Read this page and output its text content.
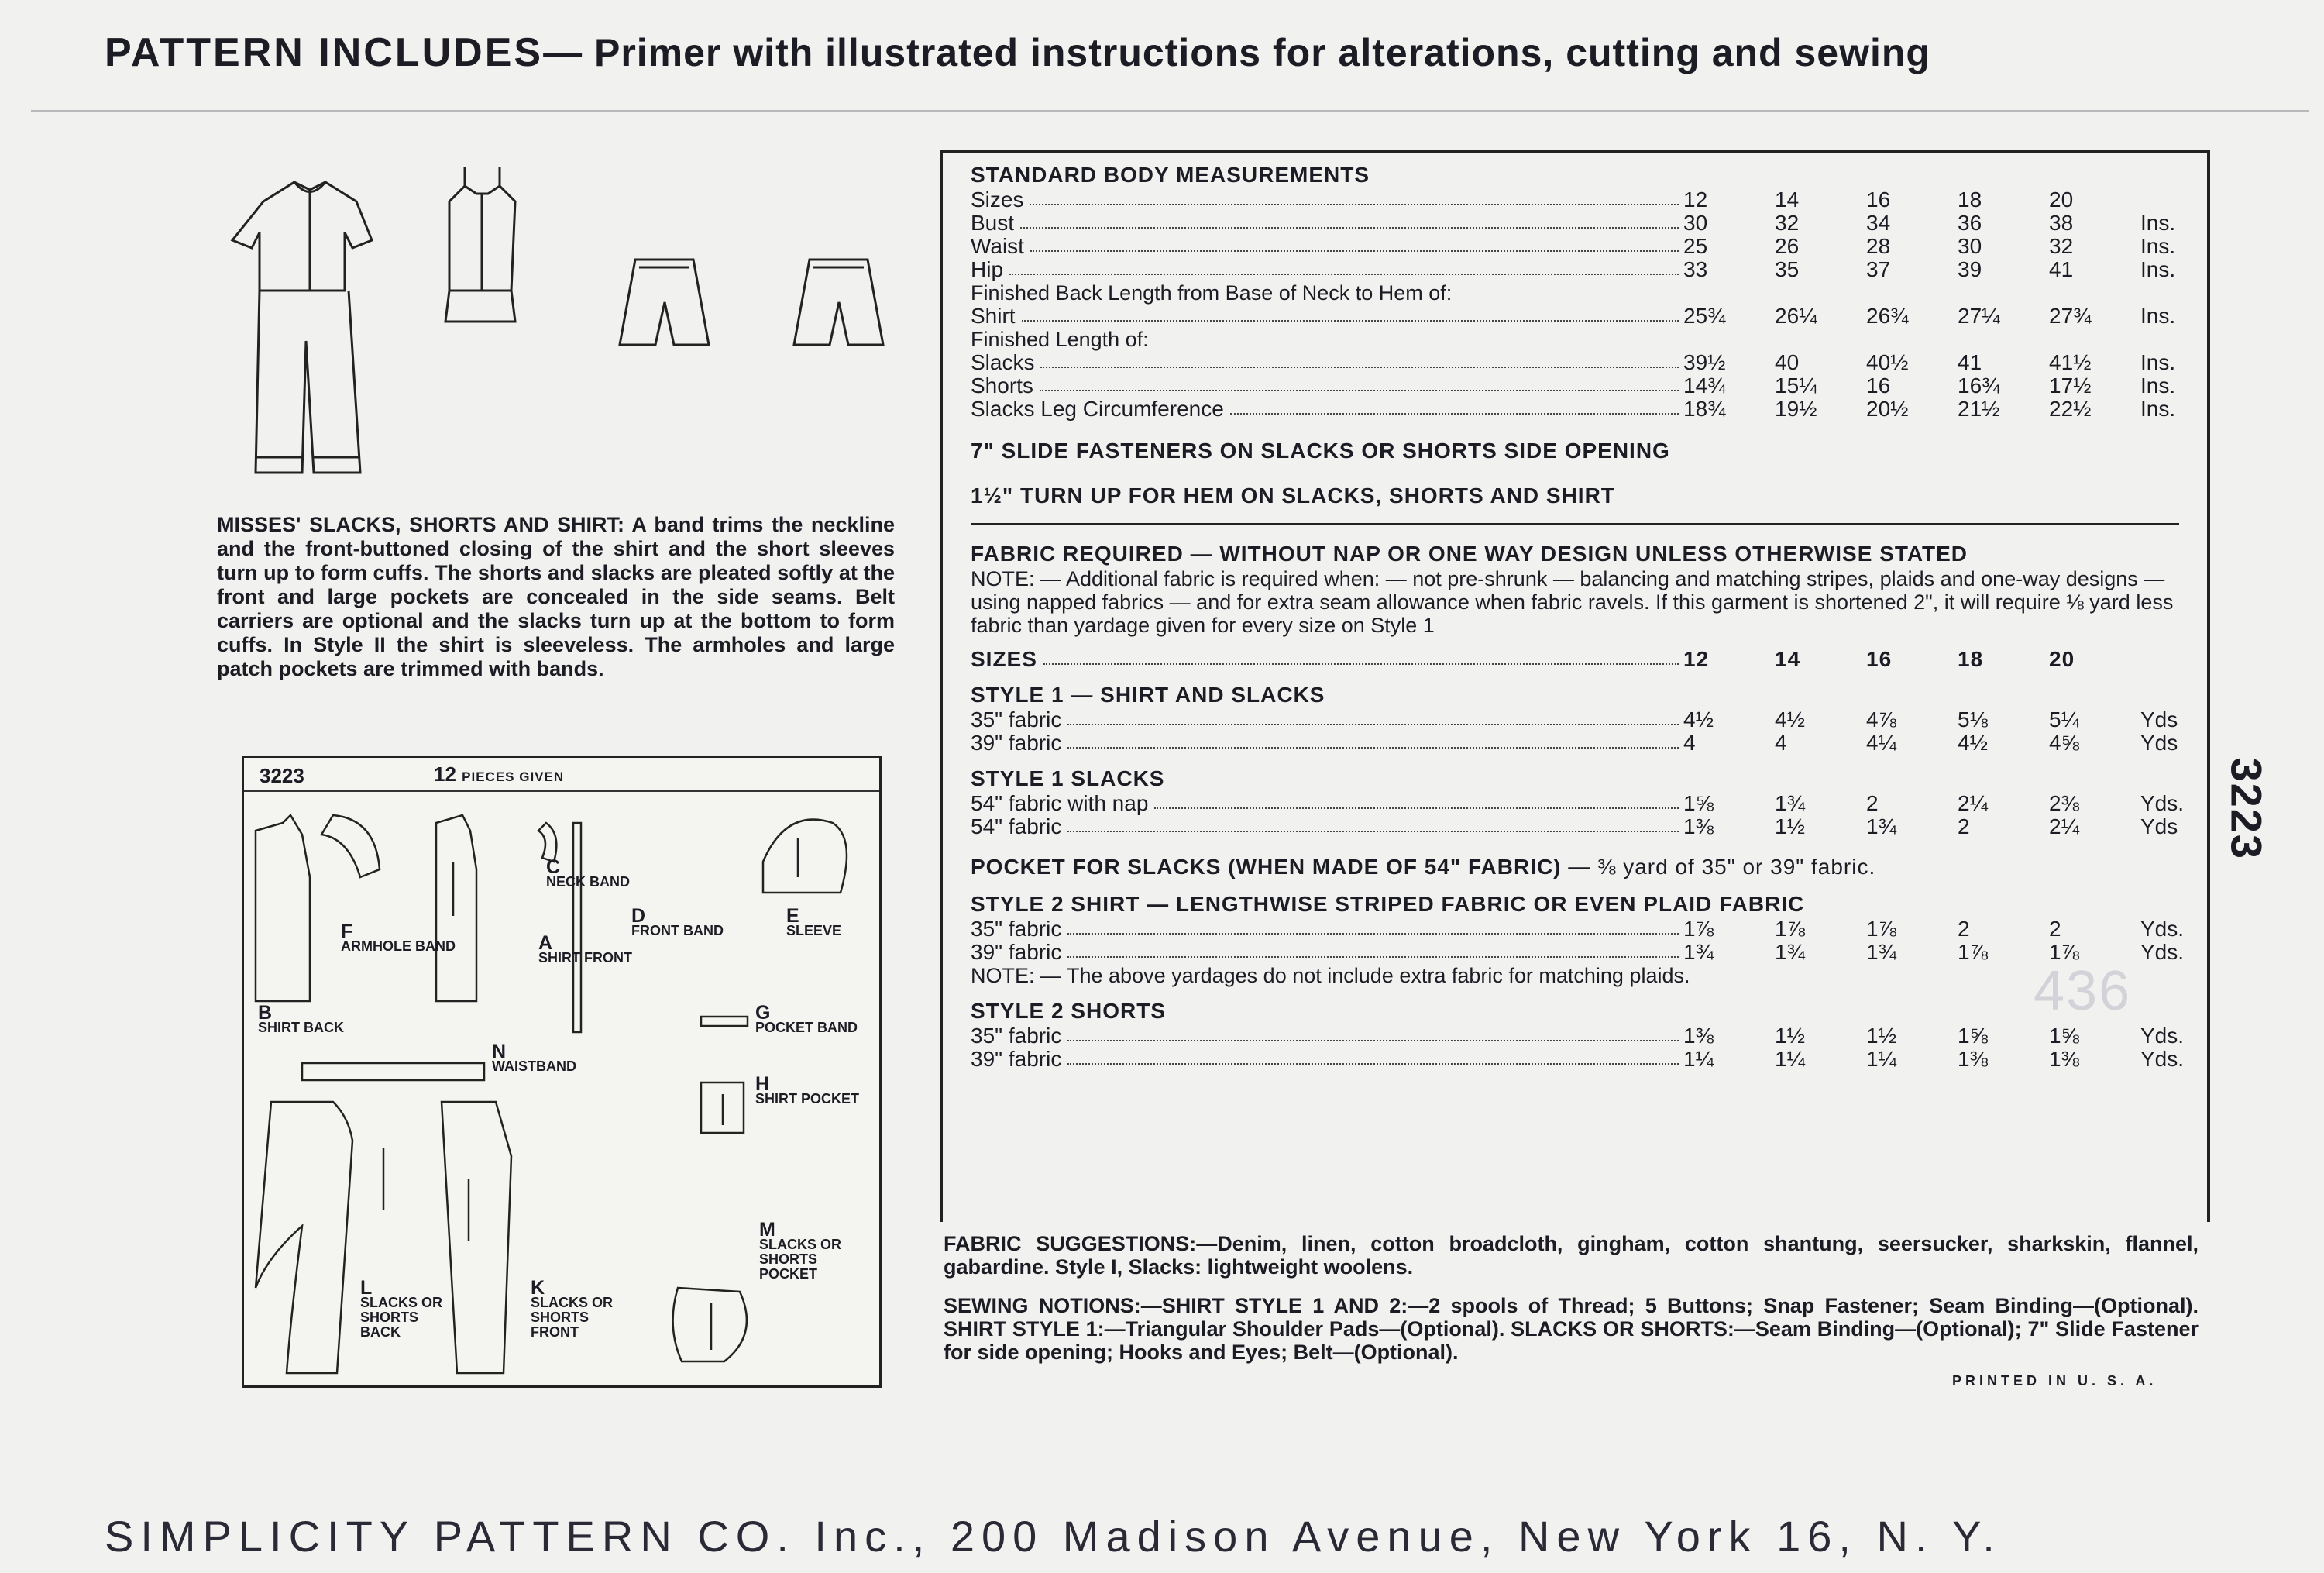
PATTERN INCLUDES— Primer with illustrated instructions for alterations, cutting and sewing
MISSES' SLACKS, SHORTS AND SHIRT: A band trims the neckline and the front-buttoned closing of the shirt and the short sleeves turn up to form cuffs. The shorts and slacks are pleated softly at the front and large pockets are concealed in the side seams. Belt carriers are optional and the slacks turn up at the bottom to form cuffs. In Style II the shirt is sleeveless. The armholes and large patch pockets are trimmed with bands.
3223	12 PIECES GIVEN
B
SHIRT BACK
F
ARMHOLE BAND
C
NECK BAND
A
SHIRT FRONT
D
FRONT BAND
E
SLEEVE
N
WAISTBAND
G
POCKET BAND
H
SHIRT POCKET
M
SLACKS OR SHORTS POCKET
L
SLACKS OR SHORTS BACK
K
SLACKS OR SHORTS FRONT
STANDARD BODY MEASUREMENTS
Sizes	12	14	16	18	20
Bust	30	32	34	36	38	Ins.
Waist	25	26	28	30	32	Ins.
Hip	33	35	37	39	41	Ins.
Finished Back Length from Base of Neck to Hem of:
Shirt	25¾	26¼	26¾	27¼	27¾	Ins.
Finished Length of:
Slacks	39½	40	40½	41	41½	Ins.
Shorts	14¾	15¼	16	16¾	17½	Ins.
Slacks Leg Circumference	18¾	19½	20½	21½	22½	Ins.
7" SLIDE FASTENERS ON SLACKS OR SHORTS SIDE OPENING
1½" TURN UP FOR HEM ON SLACKS, SHORTS AND SHIRT
FABRIC REQUIRED — WITHOUT NAP OR ONE WAY DESIGN UNLESS OTHERWISE STATED
NOTE: — Additional fabric is required when: — not pre-shrunk — balancing and matching stripes, plaids and one-way designs — using napped fabrics — and for extra seam allowance when fabric ravels. If this garment is shortened 2", it will require ⅛ yard less fabric than yardage given for every size on Style 1
SIZES	12	14	16	18	20
STYLE 1 — SHIRT AND SLACKS
35" fabric	4½	4½	4⅞	5⅛	5¼	Yds
39" fabric	4	4	4¼	4½	4⅝	Yds
STYLE 1 SLACKS
54" fabric with nap	1⅝	1¾	2	2¼	2⅜	Yds.
54" fabric	1⅜	1½	1¾	2	2¼	Yds
POCKET FOR SLACKS (WHEN MADE OF 54" FABRIC) — ⅜ yard of 35" or 39" fabric.
STYLE 2 SHIRT — LENGTHWISE STRIPED FABRIC OR EVEN PLAID FABRIC
35" fabric	1⅞	1⅞	1⅞	2	2	Yds.
39" fabric	1¾	1¾	1¾	1⅞	1⅞	Yds.
NOTE: — The above yardages do not include extra fabric for matching plaids.
STYLE 2 SHORTS
35" fabric	1⅜	1½	1½	1⅝	1⅝	Yds.
39" fabric	1¼	1¼	1¼	1⅜	1⅜	Yds.
436

FABRIC SUGGESTIONS:—Denim, linen, cotton broadcloth, gingham, cotton shantung, seersucker, sharkskin, flannel, gabardine. Style I, Slacks: lightweight woolens.

SEWING NOTIONS:—SHIRT STYLE 1 AND 2:—2 spools of Thread; 5 Buttons; Snap Fastener; Seam Binding—(Optional). SHIRT STYLE 1:—Triangular Shoulder Pads—(Optional). SLACKS OR SHORTS:—Seam Binding—(Optional); 7" Slide Fastener for side opening; Hooks and Eyes; Belt—(Optional).

PRINTED IN U. S. A.
3223
SIMPLICITY PATTERN CO. Inc., 200 Madison Avenue, New York 16, N. Y.
